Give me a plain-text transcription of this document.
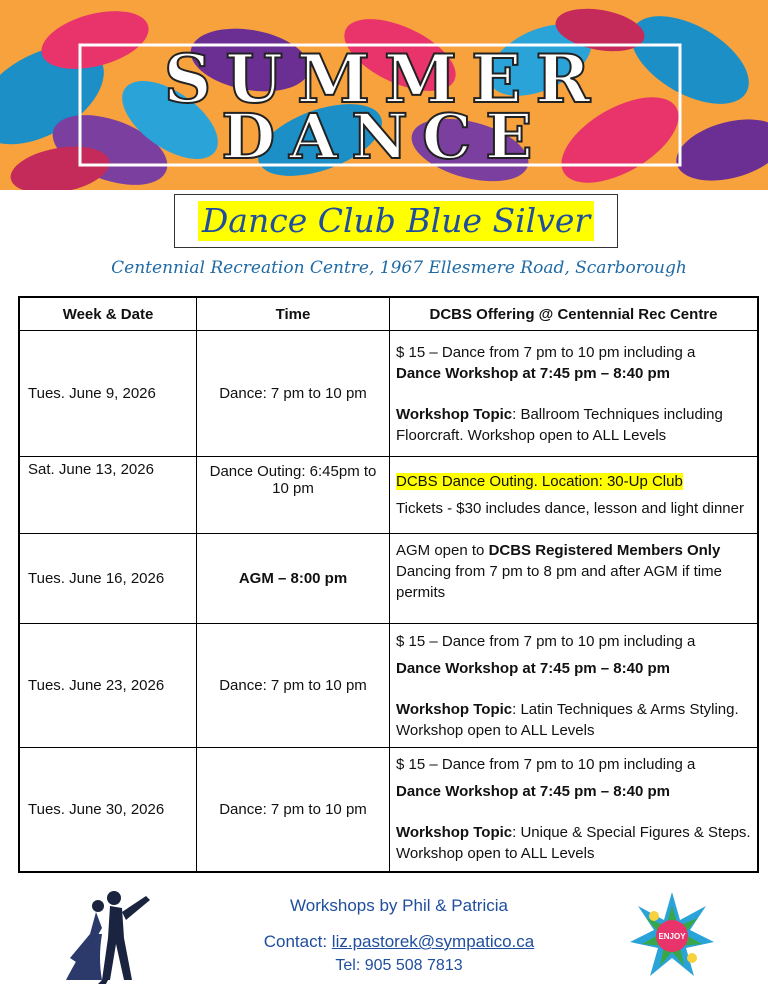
SUMMER
DANCE
Dance Club Blue Silver
Centennial Recreation Centre, 1967 Ellesmere Road, Scarborough
Week & Date	Time	DCBS Offering @ Centennial Rec Centre
Tues. June 9, 2026	Dance: 7 pm to 10 pm	$ 15 – Dance from 7 pm to 10 pm including a
Dance Workshop at 7:45 pm – 8:40 pm
Workshop Topic: Ballroom Techniques including Floorcraft. Workshop open to ALL Levels

Sat. June 13, 2026	Dance Outing: 6:45pm to 10 pm	DCBS Dance Outing. Location: 30-Up Club
Tickets - $30 includes dance, lesson and light dinner

Tues. June 16, 2026	AGM – 8:00 pm	AGM open to DCBS Registered Members Only
Dancing from 7 pm to 8 pm and after AGM if time permits

Tues. June 23, 2026	Dance: 7 pm to 10 pm	$ 15 – Dance from 7 pm to 10 pm including a
Dance Workshop at 7:45 pm – 8:40 pm
Workshop Topic: Latin Techniques & Arms Styling. Workshop open to ALL Levels

Tues. June 30, 2026	Dance: 7 pm to 10 pm	$ 15 – Dance from 7 pm to 10 pm including a
Dance Workshop at 7:45 pm – 8:40 pm
Workshop Topic: Unique & Special Figures & Steps. Workshop open to ALL Levels
Workshops by Phil & Patricia
Contact: liz.pastorek@sympatico.ca
Tel: 905 508 7813
ENJOY
